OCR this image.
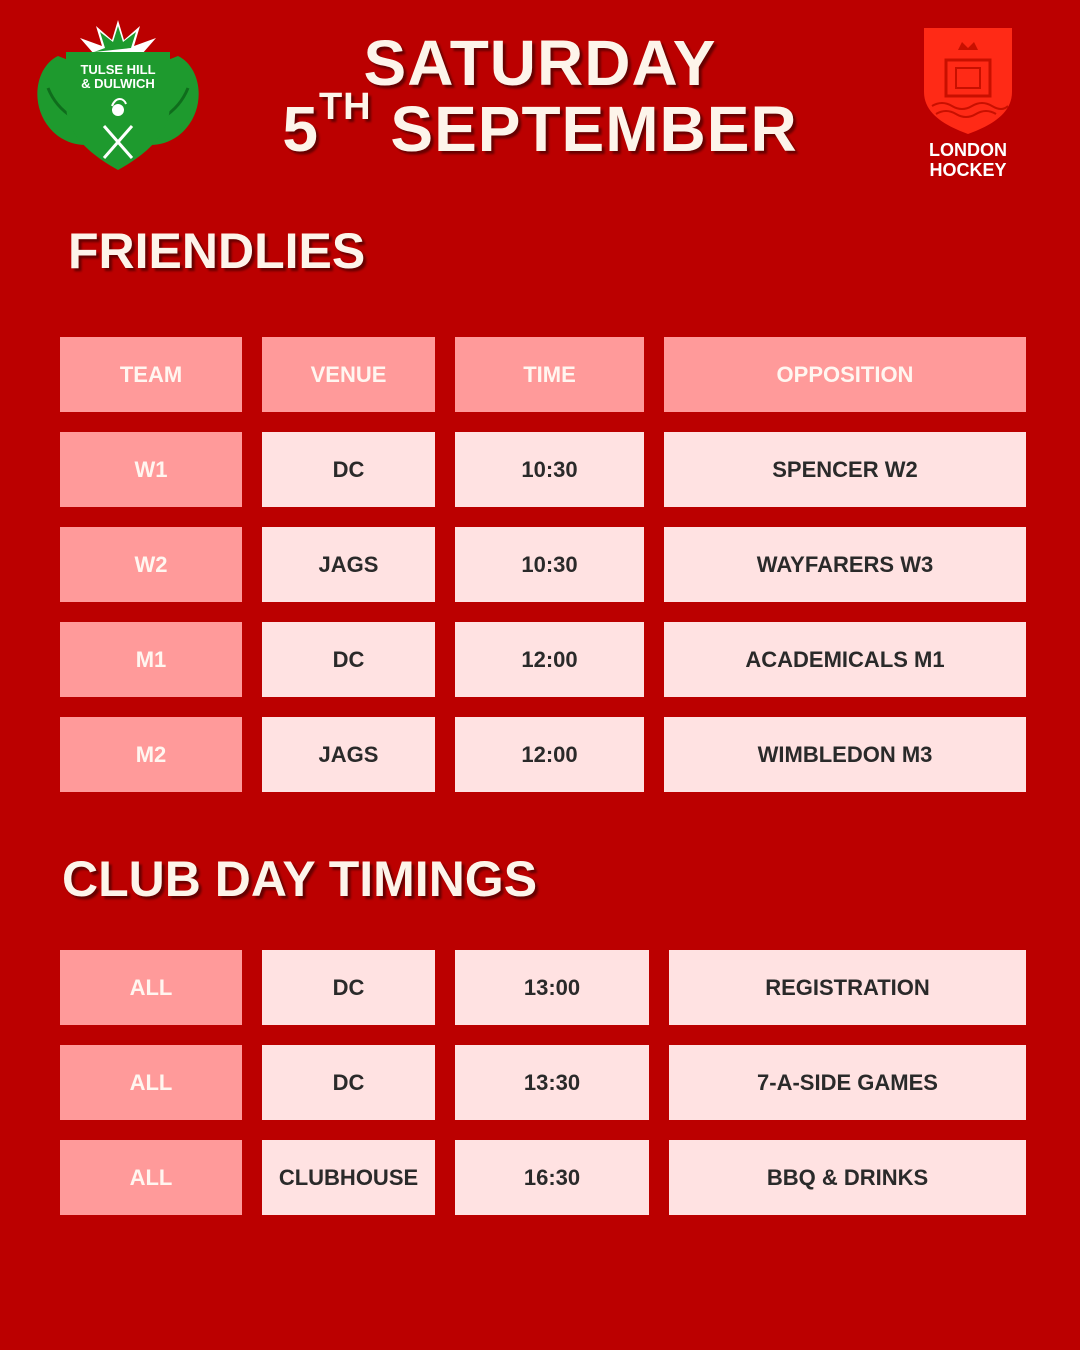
TULSE HILL
& DULWICH	SATURDAY
5TH SEPTEMBER	LONDON
HOCKEY
FRIENDLIES
TEAM	VENUE	TIME	OPPOSITION
W1	DC	10:30	SPENCER W2
W2	JAGS	10:30	WAYFARERS W3
M1	DC	12:00	ACADEMICALS M1
M2	JAGS	12:00	WIMBLEDON M3
CLUB DAY TIMINGS
ALL	DC	13:00	REGISTRATION
ALL	DC	13:30	7-A-SIDE GAMES
ALL	CLUBHOUSE	16:30	BBQ & DRINKS
